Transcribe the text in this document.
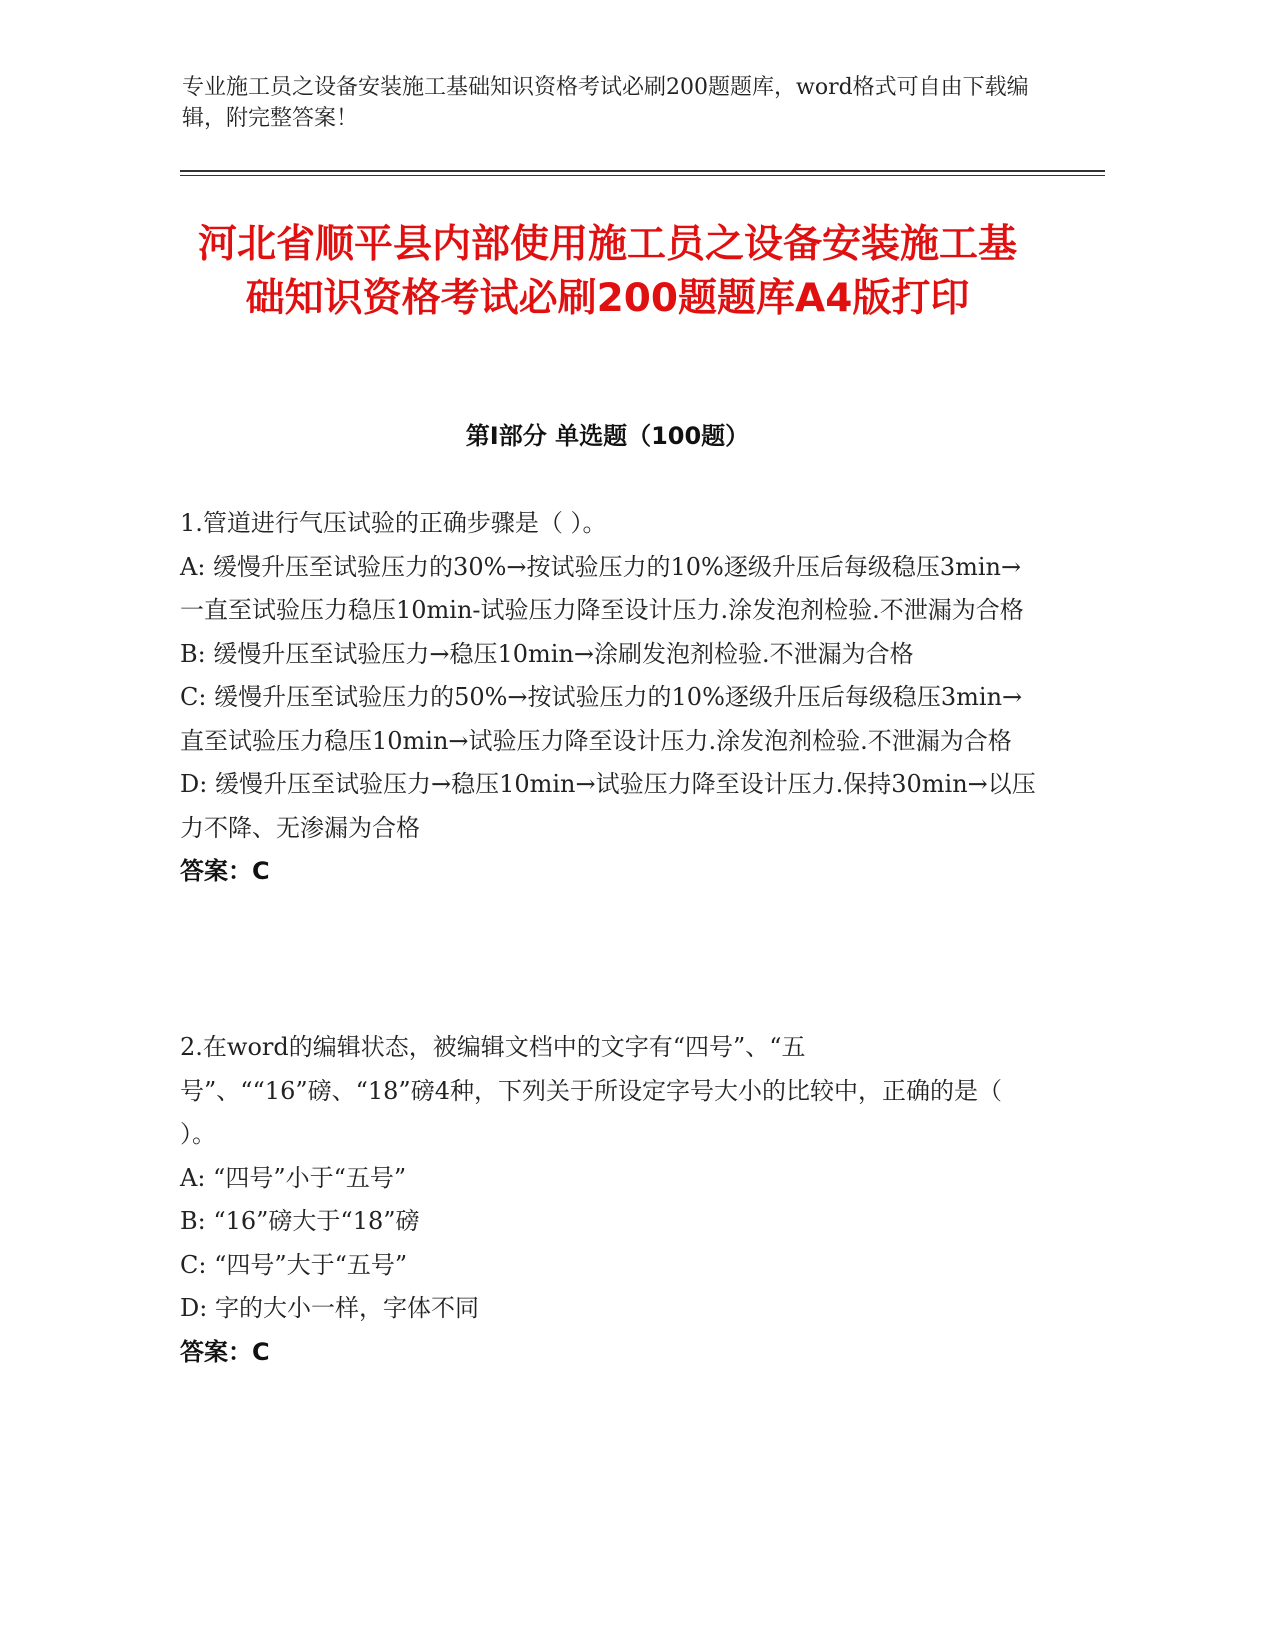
专业施工员之设备安装施工基础知识资格考试必刷200题题库，word格式可自由下载编辑，附完整答案！
河北省顺平县内部使用施工员之设备安装施工基础知识资格考试必刷200题题库A4版打印
第I部分 单选题（100题）

1.管道进行气压试验的正确步骤是（ ）。

A: 缓慢升压至试验压力的30%→按试验压力的10%逐级升压后每级稳压3min→一直至试验压力稳压10min-试验压力降至设计压力.涂发泡剂检验.不泄漏为合格

B: 缓慢升压至试验压力→稳压10min→涂刷发泡剂检验.不泄漏为合格

C: 缓慢升压至试验压力的50%→按试验压力的10%逐级升压后每级稳压3min→直至试验压力稳压10min→试验压力降至设计压力.涂发泡剂检验.不泄漏为合格

D: 缓慢升压至试验压力→稳压10min→试验压力降至设计压力.保持30min→以压力不降、无渗漏为合格

答案：C

2.在word的编辑状态，被编辑文档中的文字有“四号”、“五号”、““16”磅、“18”磅4种，下列关于所设定字号大小的比较中，正确的是（ ）。

A: “四号”小于“五号”

B: “16”磅大于“18”磅

C: “四号”大于“五号”

D: 字的大小一样，字体不同

答案：C
